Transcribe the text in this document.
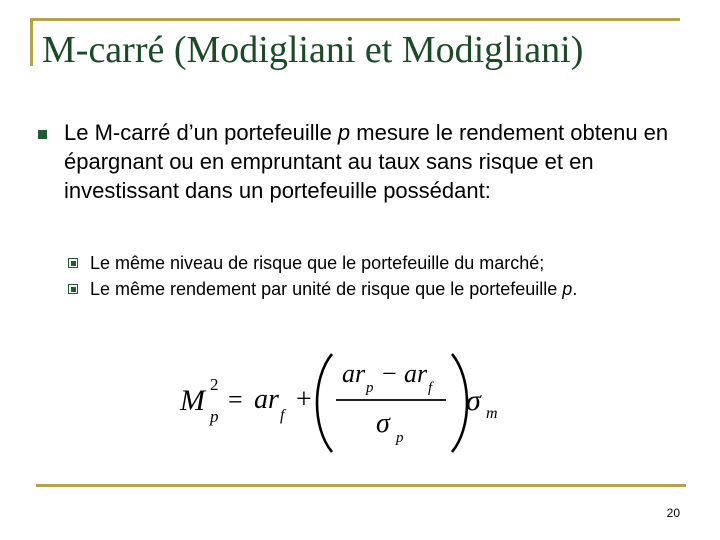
M-carré (Modigliani et Modigliani)
Le M-carré d’un portefeuille p mesure le rendement obtenu en épargnant ou en empruntant au taux sans risque et en investissant dans un portefeuille possédant:
Le même niveau de risque que le portefeuille du marché;
Le même rendement par unité de risque que le portefeuille p.
M 2
p
= ar
f
+
ar p − ar f
σ p
σ m
20
